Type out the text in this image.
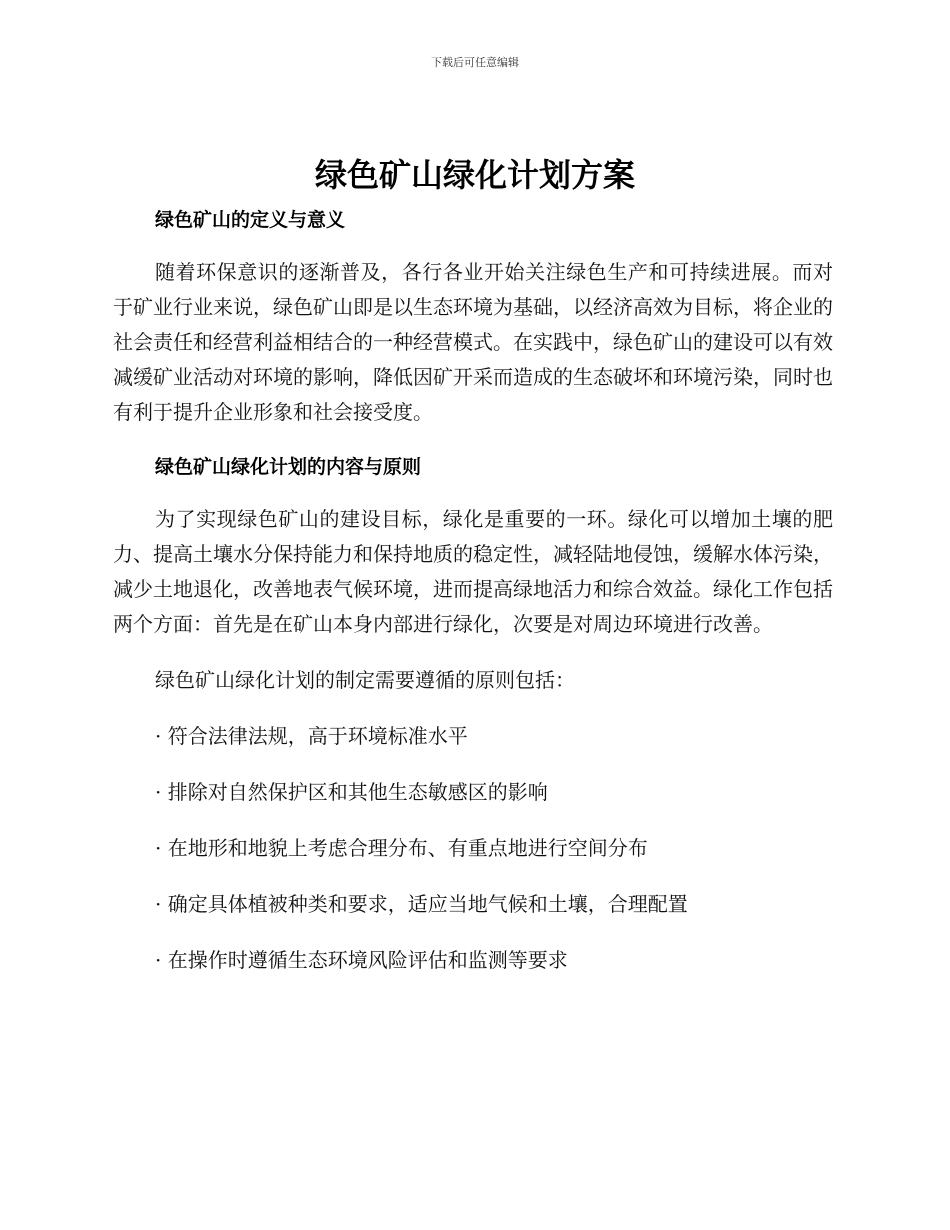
下载后可任意编辑
绿色矿山绿化计划方案
绿色矿山的定义与意义

随着环保意识的逐渐普及，各行各业开始关注绿色生产和可持续进展。而对于矿业行业来说，绿色矿山即是以生态环境为基础，以经济高效为目标，将企业的社会责任和经营利益相结合的一种经营模式。在实践中，绿色矿山的建设可以有效减缓矿业活动对环境的影响，降低因矿开采而造成的生态破坏和环境污染，同时也有利于提升企业形象和社会接受度。

绿色矿山绿化计划的内容与原则

为了实现绿色矿山的建设目标，绿化是重要的一环。绿化可以增加土壤的肥力、提高土壤水分保持能力和保持地质的稳定性，减轻陆地侵蚀，缓解水体污染，减少土地退化，改善地表气候环境，进而提高绿地活力和综合效益。绿化工作包括两个方面：首先是在矿山本身内部进行绿化，次要是对周边环境进行改善。

绿色矿山绿化计划的制定需要遵循的原则包括：

· 符合法律法规，高于环境标准水平

· 排除对自然保护区和其他生态敏感区的影响

· 在地形和地貌上考虑合理分布、有重点地进行空间分布

· 确定具体植被种类和要求，适应当地气候和土壤，合理配置

· 在操作时遵循生态环境风险评估和监测等要求
